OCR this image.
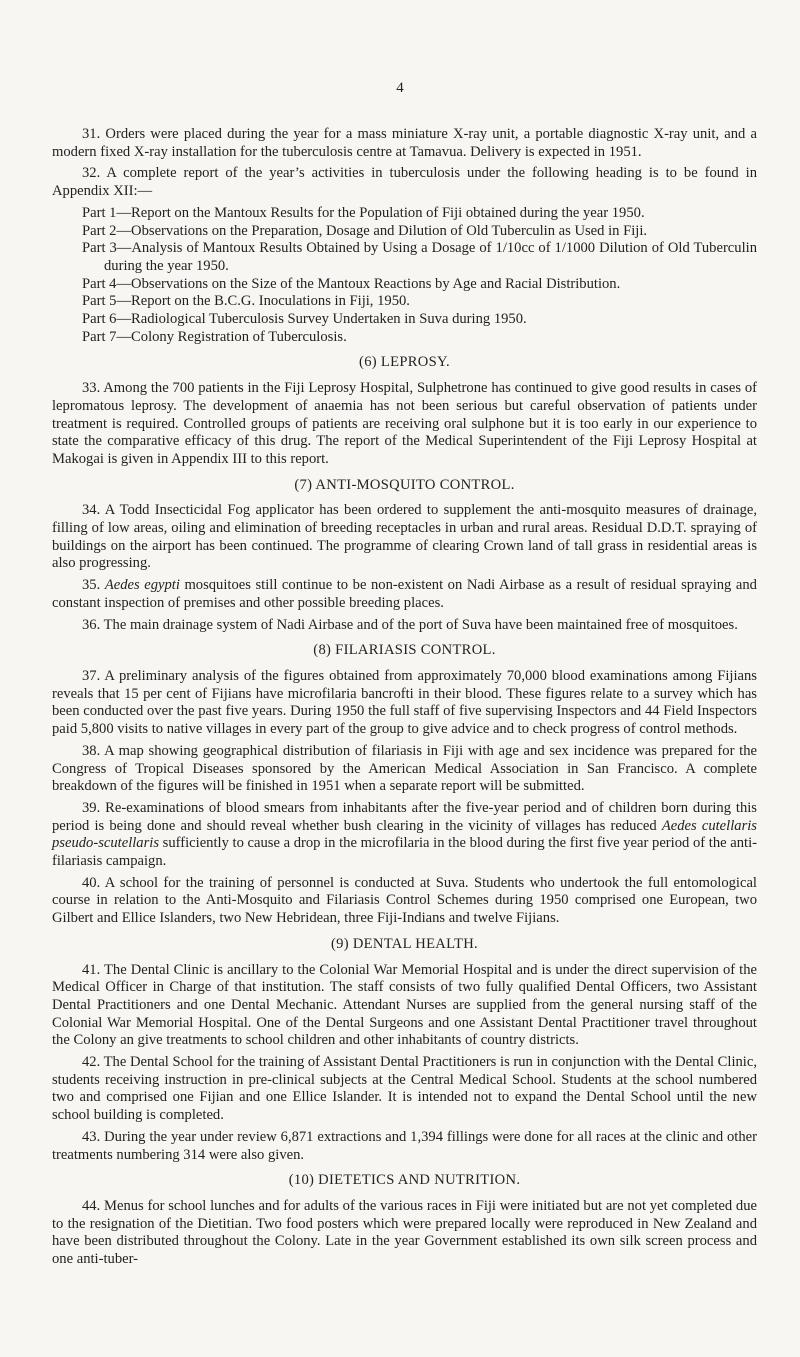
4

31. Orders were placed during the year for a mass miniature X-ray unit, a portable diagnostic X-ray unit, and a modern fixed X-ray installation for the tuberculosis centre at Tamavua. Delivery is expected in 1951.

32. A complete report of the year’s activities in tuberculosis under the following heading is to be found in Appendix XII:—

Part 1—Report on the Mantoux Results for the Population of Fiji obtained during the year 1950.

Part 2—Observations on the Preparation, Dosage and Dilution of Old Tuberculin as Used in Fiji.

Part 3—Analysis of Mantoux Results Obtained by Using a Dosage of 1/10cc of 1/1000 Dilution of Old Tuberculin during the year 1950.

Part 4—Observations on the Size of the Mantoux Reactions by Age and Racial Distribution.

Part 5—Report on the B.C.G. Inoculations in Fiji, 1950.

Part 6—Radiological Tuberculosis Survey Undertaken in Suva during 1950.

Part 7—Colony Registration of Tuberculosis.

(6) LEPROSY.

33. Among the 700 patients in the Fiji Leprosy Hospital, Sulphetrone has continued to give good results in cases of lepromatous leprosy. The development of anaemia has not been serious but careful observation of patients under treatment is required. Controlled groups of patients are receiving oral sulphone but it is too early in our experience to state the comparative efficacy of this drug. The report of the Medical Superintendent of the Fiji Leprosy Hospital at Makogai is given in Appendix III to this report.

(7) ANTI-MOSQUITO CONTROL.

34. A Todd Insecticidal Fog applicator has been ordered to supplement the anti-mosquito measures of drainage, filling of low areas, oiling and elimination of breeding receptacles in urban and rural areas. Residual D.D.T. spraying of buildings on the airport has been continued. The programme of clearing Crown land of tall grass in residential areas is also progressing.

35. Aedes egypti mosquitoes still continue to be non-existent on Nadi Airbase as a result of residual spraying and constant inspection of premises and other possible breeding places.

36. The main drainage system of Nadi Airbase and of the port of Suva have been maintained free of mosquitoes.

(8) FILARIASIS CONTROL.

37. A preliminary analysis of the figures obtained from approximately 70,000 blood examinations among Fijians reveals that 15 per cent of Fijians have microfilaria bancrofti in their blood. These figures relate to a survey which has been conducted over the past five years. During 1950 the full staff of five supervising Inspectors and 44 Field Inspectors paid 5,800 visits to native villages in every part of the group to give advice and to check progress of control methods.

38. A map showing geographical distribution of filariasis in Fiji with age and sex incidence was prepared for the Congress of Tropical Diseases sponsored by the American Medical Association in San Francisco. A complete breakdown of the figures will be finished in 1951 when a separate report will be submitted.

39. Re-examinations of blood smears from inhabitants after the five-year period and of children born during this period is being done and should reveal whether bush clearing in the vicinity of villages has reduced Aedes cutellaris pseudo-scutellaris sufficiently to cause a drop in the microfilaria in the blood during the first five year period of the anti-filariasis campaign.

40. A school for the training of personnel is conducted at Suva. Students who undertook the full entomological course in relation to the Anti-Mosquito and Filariasis Control Schemes during 1950 comprised one European, two Gilbert and Ellice Islanders, two New Hebridean, three Fiji-Indians and twelve Fijians.

(9) DENTAL HEALTH.

41. The Dental Clinic is ancillary to the Colonial War Memorial Hospital and is under the direct supervision of the Medical Officer in Charge of that institution. The staff consists of two fully qualified Dental Officers, two Assistant Dental Practitioners and one Dental Mechanic. Attendant Nurses are supplied from the general nursing staff of the Colonial War Memorial Hospital. One of the Dental Surgeons and one Assistant Dental Practitioner travel throughout the Colony an give treatments to school children and other inhabitants of country districts.

42. The Dental School for the training of Assistant Dental Practitioners is run in conjunction with the Dental Clinic, students receiving instruction in pre-clinical subjects at the Central Medical School. Students at the school numbered two and comprised one Fijian and one Ellice Islander. It is intended not to expand the Dental School until the new school building is completed.

43. During the year under review 6,871 extractions and 1,394 fillings were done for all races at the clinic and other treatments numbering 314 were also given.

(10) DIETETICS AND NUTRITION.

44. Menus for school lunches and for adults of the various races in Fiji were initiated but are not yet completed due to the resignation of the Dietitian. Two food posters which were prepared locally were reproduced in New Zealand and have been distributed throughout the Colony. Late in the year Government established its own silk screen process and one anti-tuber-
